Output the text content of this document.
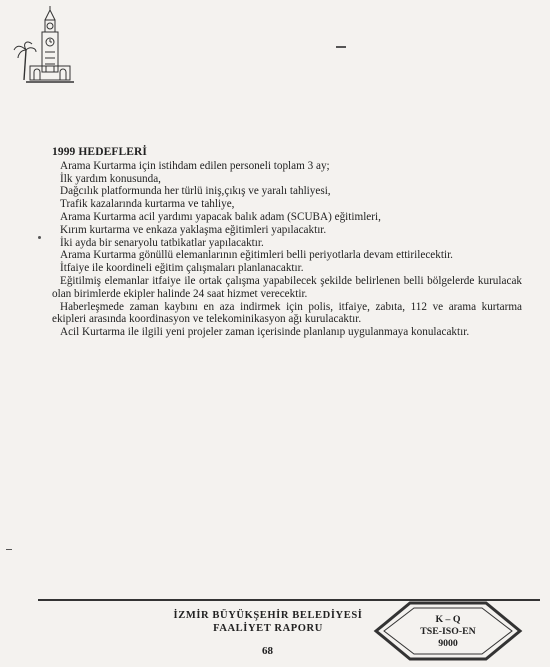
1999 HEDEFLERİ
Arama Kurtarma için istihdam edilen personeli toplam 3 ay;
İlk yardım konusunda,
Dağcılık platformunda her türlü iniş,çıkış ve yaralı tahliyesi,
Trafik kazalarında kurtarma ve tahliye,
Arama Kurtarma acil yardımı yapacak balık adam (SCUBA) eğitimleri,
Kırım kurtarma ve enkaza yaklaşma eğitimleri yapılacaktır.
İki ayda bir senaryolu tatbikatlar yapılacaktır.
Arama Kurtarma gönüllü elemanlarının eğitimleri belli periyotlarla devam ettirilecektir.
İtfaiye ile koordineli eğitim çalışmaları planlanacaktır.
Eğitilmiş elemanlar itfaiye ile ortak çalışma yapabilecek şekilde belirlenen belli bölgelerde kurulacak olan birimlerde ekipler halinde 24 saat hizmet verecektir.
Haberleşmede zaman kaybını en aza indirmek için polis, itfaiye, zabıta, 112 ve arama kurtarma ekipleri arasında koordinasyon ve telekominikasyon ağı kurulacaktır.
Acil Kurtarma ile ilgili yeni projeler zaman içerisinde planlanıp uygulanmaya konulacaktır.
İZMİR BÜYÜKŞEHİR BELEDİYESİ
FAALİYET RAPORU
68
K – Q
TSE-ISO-EN
9000
